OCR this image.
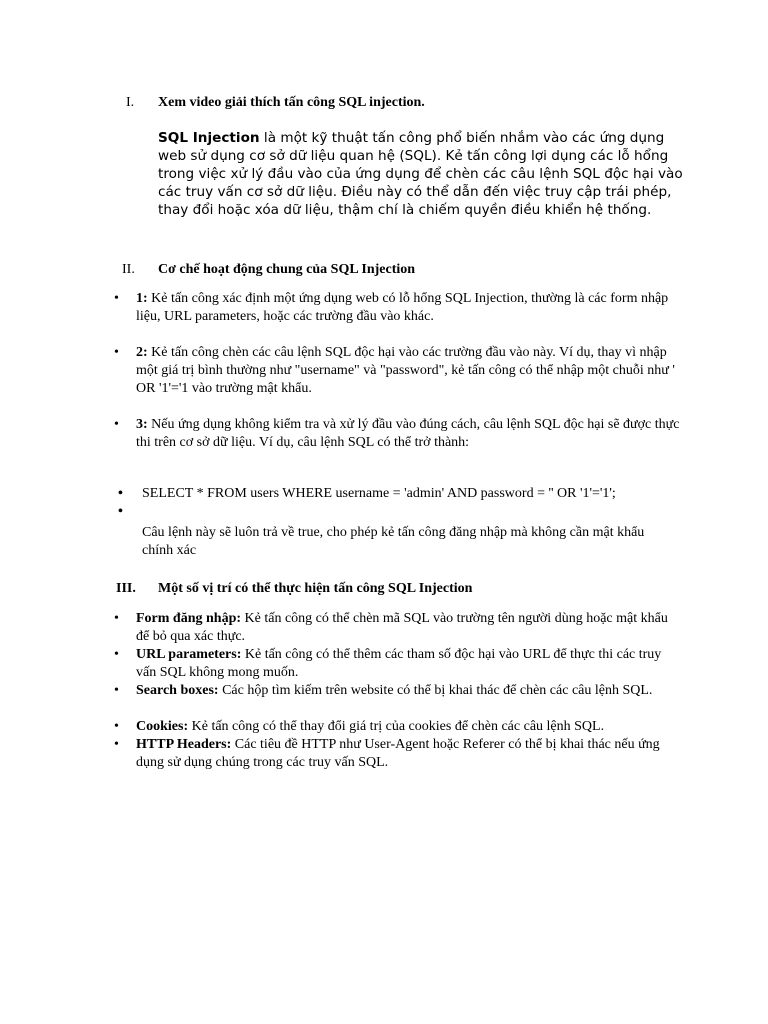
I. Xem video giải thích tấn công SQL injection.
SQL Injection là một kỹ thuật tấn công phổ biến nhắm vào các ứng dụng web sử dụng cơ sở dữ liệu quan hệ (SQL). Kẻ tấn công lợi dụng các lỗ hổng trong việc xử lý đầu vào của ứng dụng để chèn các câu lệnh SQL độc hại vào các truy vấn cơ sở dữ liệu. Điều này có thể dẫn đến việc truy cập trái phép, thay đổi hoặc xóa dữ liệu, thậm chí là chiếm quyền điều khiển hệ thống.
II. Cơ chế hoạt động chung của SQL Injection
• 1: Kẻ tấn công xác định một ứng dụng web có lỗ hổng SQL Injection, thường là các form nhập liệu, URL parameters, hoặc các trường đầu vào khác.
• 2: Kẻ tấn công chèn các câu lệnh SQL độc hại vào các trường đầu vào này. Ví dụ, thay vì nhập một giá trị bình thường như "username" và "password", kẻ tấn công có thể nhập một chuỗi như ' OR '1'='1 vào trường mật khẩu.
• 3: Nếu ứng dụng không kiểm tra và xử lý đầu vào đúng cách, câu lệnh SQL độc hại sẽ được thực thi trên cơ sở dữ liệu. Ví dụ, câu lệnh SQL có thể trở thành:
•
•
SELECT * FROM users WHERE username = 'admin' AND password = '' OR '1'='1';
Câu lệnh này sẽ luôn trả về true, cho phép kẻ tấn công đăng nhập mà không cần mật khẩu chính xác
III. Một số vị trí có thể thực hiện tấn công SQL Injection
• Form đăng nhập: Kẻ tấn công có thể chèn mã SQL vào trường tên người dùng hoặc mật khẩu để bỏ qua xác thực.
• URL parameters: Kẻ tấn công có thể thêm các tham số độc hại vào URL để thực thi các truy vấn SQL không mong muốn.
• Search boxes: Các hộp tìm kiếm trên website có thể bị khai thác để chèn các câu lệnh SQL.
• Cookies: Kẻ tấn công có thể thay đổi giá trị của cookies để chèn các câu lệnh SQL.
• HTTP Headers: Các tiêu đề HTTP như User-Agent hoặc Referer có thể bị khai thác nếu ứng dụng sử dụng chúng trong các truy vấn SQL.
